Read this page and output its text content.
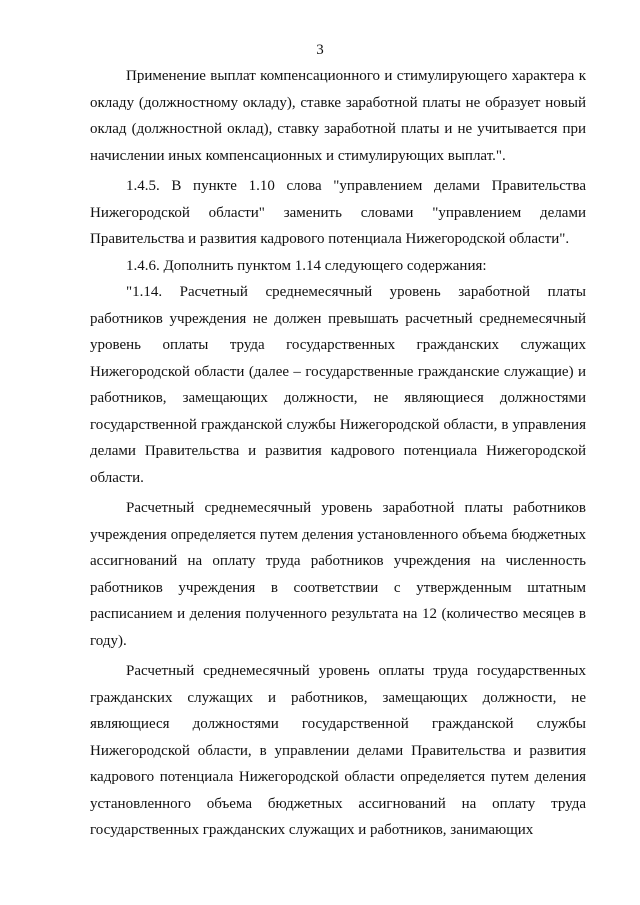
3

Применение выплат компенсационного и стимулирующего характера к окладу (должностному окладу), ставке заработной платы не образует новый оклад (должностной оклад), ставку заработной платы и не учитывается при начислении иных компенсационных и стимулирующих выплат.".

1.4.5. В пункте 1.10 слова "управлением делами Правительства Нижегородской области" заменить словами "управлением делами Правительства и развития кадрового потенциала Нижегородской области".

1.4.6. Дополнить пунктом 1.14 следующего содержания:

"1.14. Расчетный среднемесячный уровень заработной платы работников учреждения не должен превышать расчетный среднемесячный уровень оплаты труда государственных гражданских служащих Нижегородской области (далее – государственные гражданские служащие) и работников, замещающих должности, не являющиеся должностями государственной гражданской службы Нижегородской области, в управления делами Правительства и развития кадрового потенциала Нижегородской области.

Расчетный среднемесячный уровень заработной платы работников учреждения определяется путем деления установленного объема бюджетных ассигнований на оплату труда работников учреждения на численность работников учреждения в соответствии с утвержденным штатным расписанием и деления полученного результата на 12 (количество месяцев в году).

Расчетный среднемесячный уровень оплаты труда государственных гражданских служащих и работников, замещающих должности, не являющиеся должностями государственной гражданской службы Нижегородской области, в управлении делами Правительства и развития кадрового потенциала Нижегородской области определяется путем деления установленного объема бюджетных ассигнований на оплату труда государственных гражданских служащих и работников, занимающих
